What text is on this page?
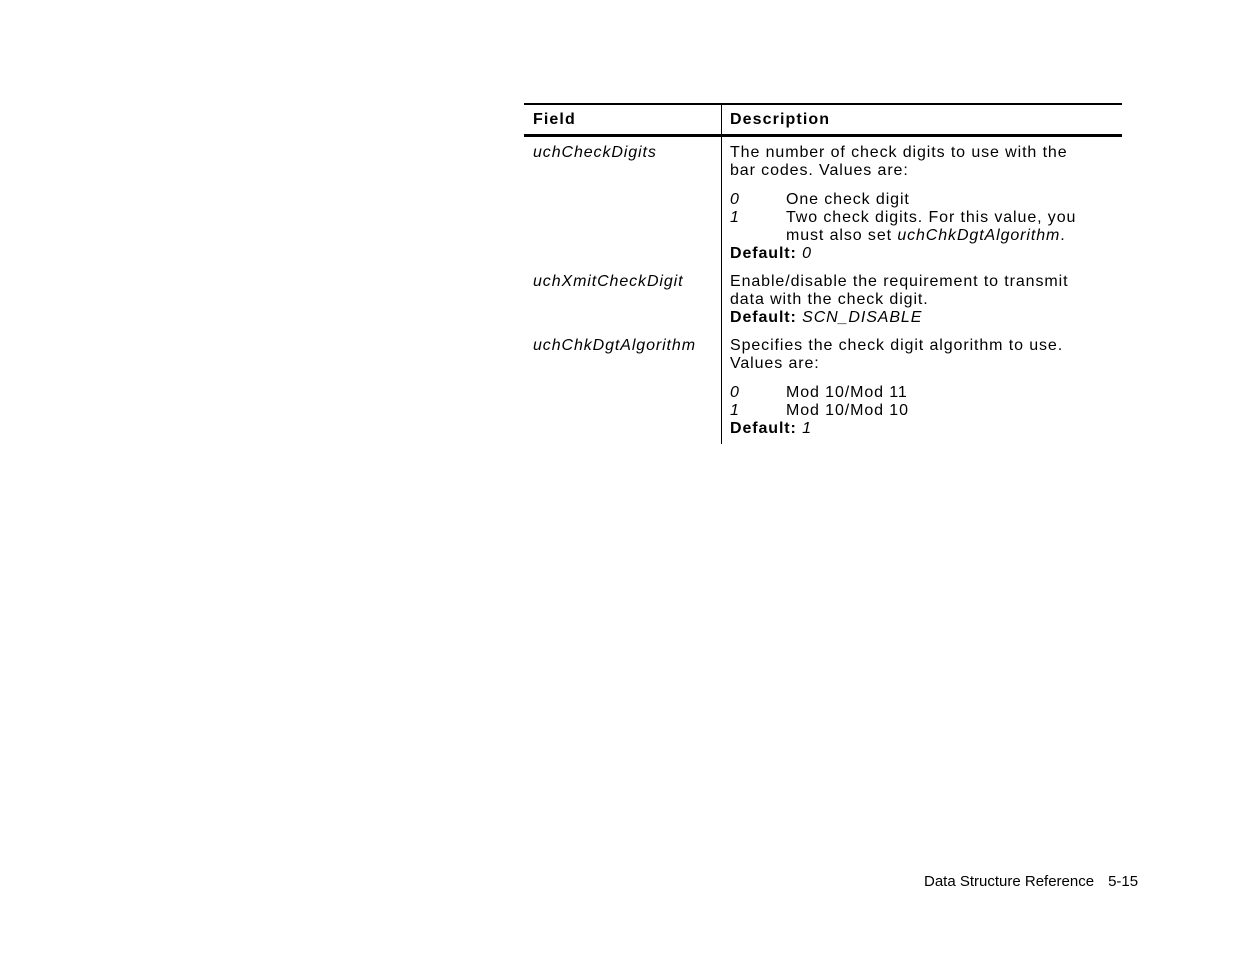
Field	Description
uchCheckDigits	The number of check digits to use with the
bar codes. Values are:
0	One check digit
1	Two check digits. For this value, you
must also set uchChkDgtAlgorithm.
Default: 0
uchXmitCheckDigit	Enable/disable the requirement to transmit
data with the check digit.
Default: SCN_DISABLE
uchChkDgtAlgorithm	Specifies the check digit algorithm to use.
Values are:
0	Mod 10/Mod 11
1	Mod 10/Mod 10
Default: 1
Data Structure Reference 5-15
